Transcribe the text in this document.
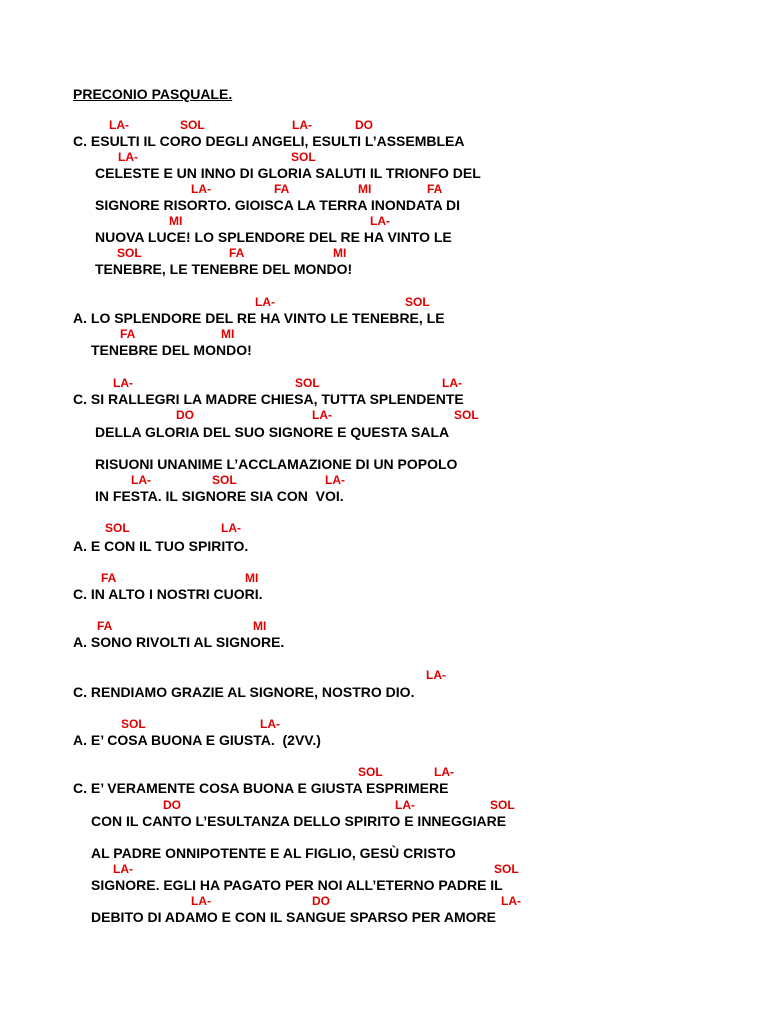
PRECONIO PASQUALE.
LA-	SOL	LA-	DO
C. ESULTI IL CORO DEGLI ANGELI, ESULTI L’ASSEMBLEA
LA-	SOL
CELESTE E UN INNO DI GLORIA SALUTI IL TRIONFO DEL
LA-	FA	MI	FA
SIGNORE RISORTO. GIOISCA LA TERRA INONDATA DI
MI	LA-
NUOVA LUCE! LO SPLENDORE DEL RE HA VINTO LE
SOL	FA	MI
TENEBRE, LE TENEBRE DEL MONDO!
LA-	SOL
A. LO SPLENDORE DEL RE HA VINTO LE TENEBRE, LE
FA	MI
TENEBRE DEL MONDO!
LA-	SOL	LA-
C. SI RALLEGRI LA MADRE CHIESA, TUTTA SPLENDENTE
DO	LA-	SOL
DELLA GLORIA DEL SUO SIGNORE E QUESTA SALA
RISUONI UNANIME L’ACCLAMAZIONE DI UN POPOLO
LA-	SOL	LA-
IN FESTA. IL SIGNORE SIA CON  VOI.
SOL	LA-
A. E CON IL TUO SPIRITO.
FA	MI
C. IN ALTO I NOSTRI CUORI.
FA	MI
A. SONO RIVOLTI AL SIGNORE.
LA-
C. RENDIAMO GRAZIE AL SIGNORE, NOSTRO DIO.
SOL	LA-
A. E’ COSA BUONA E GIUSTA.  (2VV.)
SOL	LA-
C. E’ VERAMENTE COSA BUONA E GIUSTA ESPRIMERE
DO	LA-	SOL
CON IL CANTO L’ESULTANZA DELLO SPIRITO E INNEGGIARE
AL PADRE ONNIPOTENTE E AL FIGLIO, GESÙ CRISTO
LA-	SOL
SIGNORE. EGLI HA PAGATO PER NOI ALL’ETERNO PADRE IL
LA-	DO	LA-
DEBITO DI ADAMO E CON IL SANGUE SPARSO PER AMORE
